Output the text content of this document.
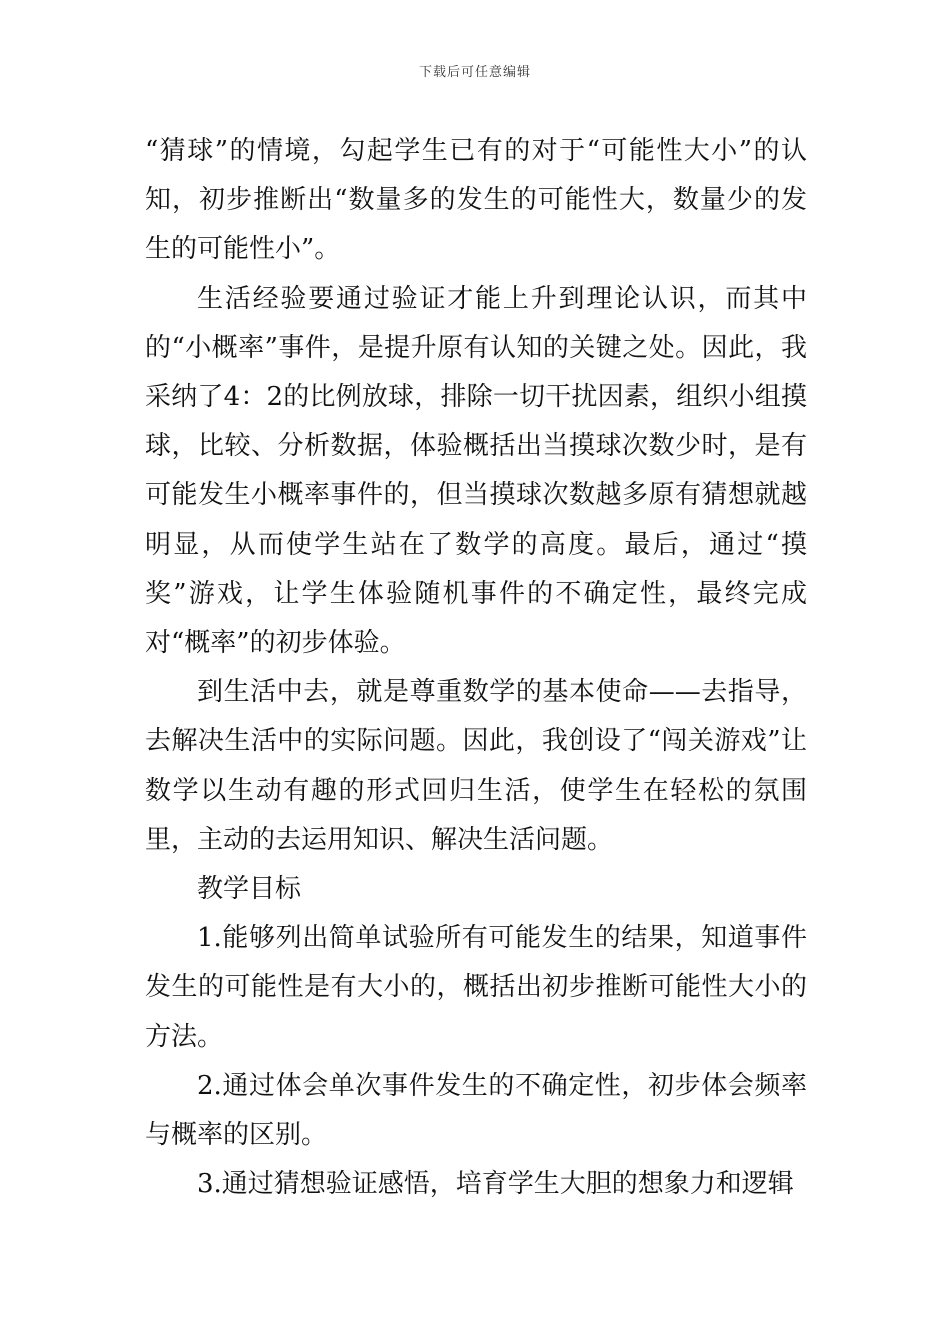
下载后可任意编辑

“猜球”的情境，勾起学生已有的对于“可能性大小”的认知，初步推断出“数量多的发生的可能性大，数量少的发生的可能性小”。

生活经验要通过验证才能上升到理论认识，而其中的“小概率”事件，是提升原有认知的关键之处。因此，我采纳了4：2的比例放球，排除一切干扰因素，组织小组摸球，比较、分析数据，体验概括出当摸球次数少时，是有可能发生小概率事件的，但当摸球次数越多原有猜想就越明显，从而使学生站在了数学的高度。最后，通过“摸奖”游戏，让学生体验随机事件的不确定性，最终完成对“概率”的初步体验。

到生活中去，就是尊重数学的基本使命——去指导，去解决生活中的实际问题。因此，我创设了“闯关游戏”让数学以生动有趣的形式回归生活，使学生在轻松的氛围里，主动的去运用知识、解决生活问题。

教学目标

1.能够列出简单试验所有可能发生的结果，知道事件发生的可能性是有大小的，概括出初步推断可能性大小的方法。

2.通过体会单次事件发生的不确定性，初步体会频率与概率的区别。

3.通过猜想验证感悟，培育学生大胆的想象力和逻辑
